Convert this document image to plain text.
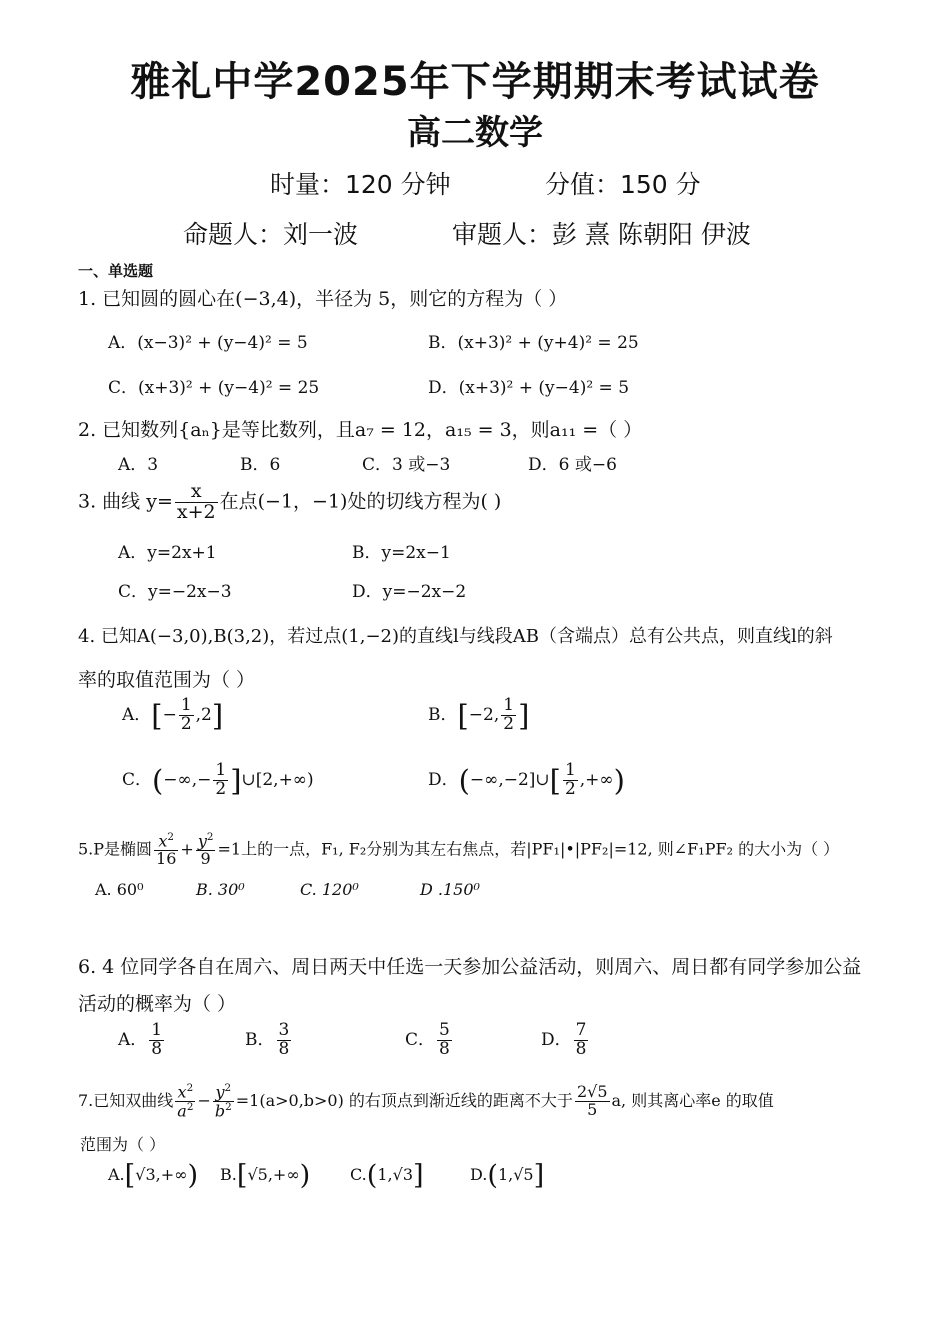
雅礼中学2025年下学期期末考试试卷
高二数学
时量：120 分钟	分值：150 分
命题人：刘一波	审题人：彭 熹 陈朝阳 伊波
一、单选题
1. 已知圆的圆心在(−3,4)，半径为 5，则它的方程为（ ）
A．(x−3)² + (y−4)² = 5	B．(x+3)² + (y+4)² = 25
C．(x+3)² + (y−4)² = 25	D．(x+3)² + (y−4)² = 5
2. 已知数列{aₙ}是等比数列，且a₇ = 12，a₁₅ = 3，则a₁₁ =（ ）
A．3	B．6	C．3 或−3	D．6 或−6
3. 曲线 $y= \frac{x}{x+2}$ 在点(−1，−1)处的切线方程为( )
A．y=2x+1	B．y=2x−1
C．y=−2x−3	D．y=−2x−2
4. 已知A(−3,0),B(3,2)，若过点(1,−2)的直线l与线段AB（含端点）总有公共点，则直线l的斜
率的取值范围为（ ）
A．[− $\frac{1}{2} ,2$]	B．[−2, $\frac{1}{2}$ ]
C．(−∞,− $\frac{1}{2}$ ]∪[2,+∞)	D．(−∞,−2]∪[ $\frac{1}{2}$ ,+∞)
5.P是椭圆 $\frac{x^2}{16} + \frac{y^2}{9} =1$上的一点，F₁, F₂分别为其左右焦点，若|PF₁|•|PF₂|=12, 则∠F₁PF₂ 的大小为（ ）
A. 60⁰	B. 30⁰	C. 120⁰	D .150⁰
6. 4 位同学各自在周六、周日两天中任选一天参加公益活动，则周六、周日都有同学参加公益
活动的概率为（ ）
A． $\frac{1}{8}$	B． $\frac{3}{8}$	C． $\frac{5}{8}$	D． $\frac{7}{8}$
7.已知双曲线 $\frac{x^2}{a^2} - \frac{y^2}{b^2} =1(a>0,b>0)$ 的右顶点到渐近线的距离不大于 $\frac{2√5}{5} a$, 则其离心率e 的取值
范围为（ ）
A.[√3,+∞) B.[√5,+∞) C.(1,√3]	D.(1,√5]
